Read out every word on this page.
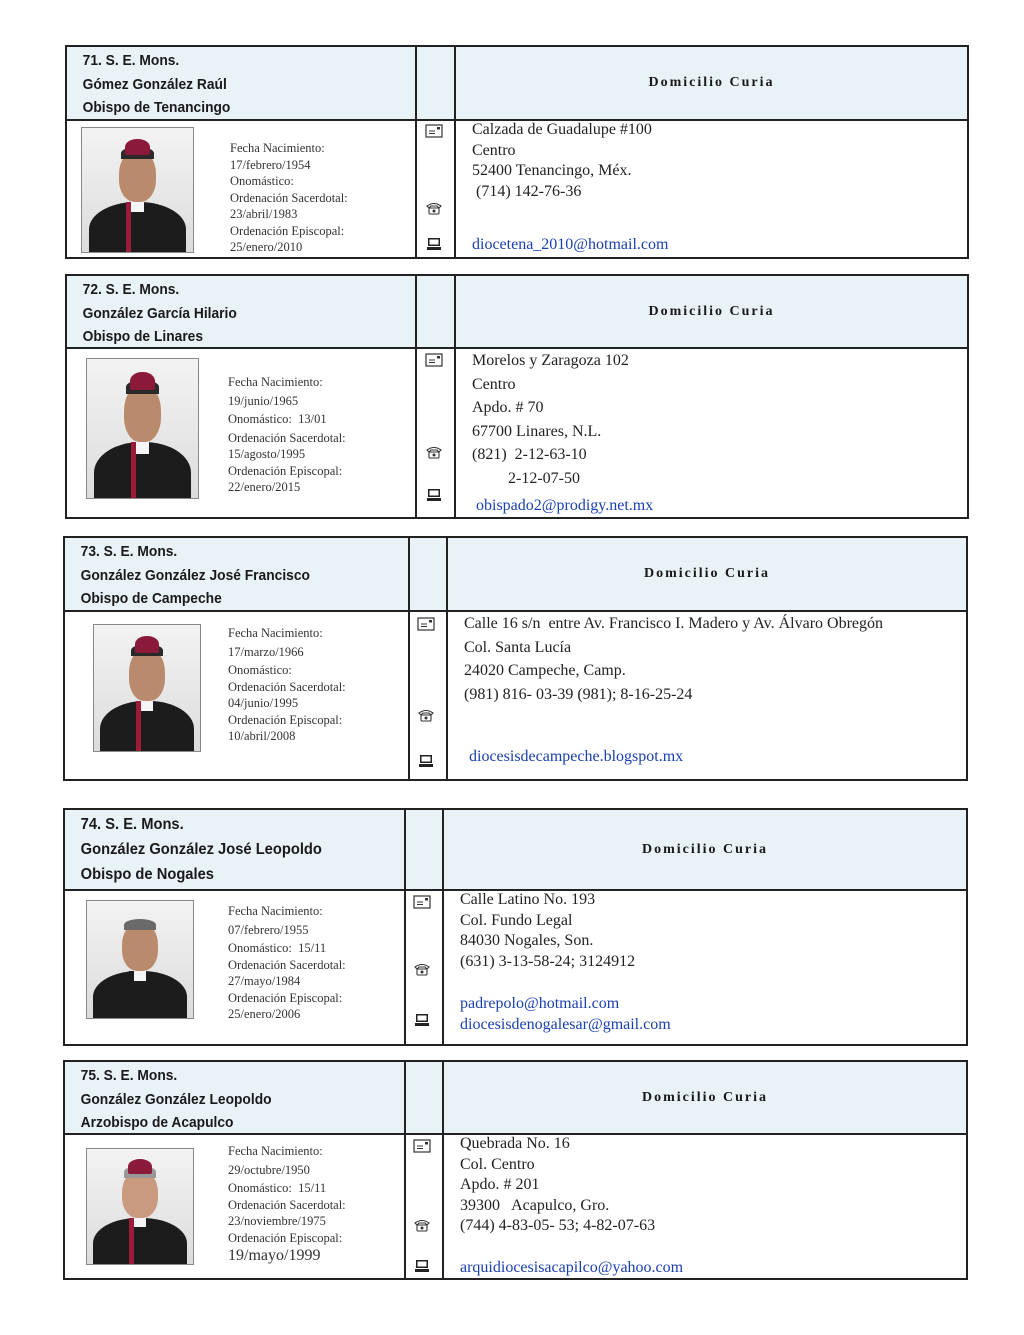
71. S. E. Mons.
Gómez González Raúl
Obispo de Tenancingo
Domicilio Curia
Fecha Nacimiento:
17/febrero/1954
Onomástico:
Ordenación Sacerdotal:
23/abril/1983
Ordenación Episcopal:
25/enero/2010
Calzada de Guadalupe #100
Centro
52400 Tenancingo, Méx.
(714) 142-76-36
diocetena_2010@hotmail.com
72. S. E. Mons.
González García Hilario
Obispo de Linares
Domicilio Curia
Fecha Nacimiento:
19/junio/1965
Onomástico:  13/01
Ordenación Sacerdotal:
15/agosto/1995
Ordenación Episcopal:
22/enero/2015
Morelos y Zaragoza 102
Centro
Apdo. # 70
67700 Linares, N.L.
(821)  2-12-63-10
2-12-07-50
obispado2@prodigy.net.mx
73. S. E. Mons.
González González José Francisco
Obispo de Campeche
Domicilio Curia
Fecha Nacimiento:
17/marzo/1966
Onomástico:
Ordenación Sacerdotal:
04/junio/1995
Ordenación Episcopal:
10/abril/2008
Calle 16 s/n  entre Av. Francisco I. Madero y Av. Álvaro Obregón
Col. Santa Lucía
24020 Campeche, Camp.
(981) 816- 03-39 (981); 8-16-25-24
diocesisdecampeche.blogspot.mx
74. S. E. Mons.
González González José Leopoldo
Obispo de Nogales
Domicilio Curia
Fecha Nacimiento:
07/febrero/1955
Onomástico:  15/11
Ordenación Sacerdotal:
27/mayo/1984
Ordenación Episcopal:
25/enero/2006
Calle Latino No. 193
Col. Fundo Legal
84030 Nogales, Son.
(631) 3-13-58-24; 3124912
padrepolo@hotmail.com
diocesisdenogalesar@gmail.com
75. S. E. Mons.
González González Leopoldo
Arzobispo de Acapulco
Domicilio Curia
Fecha Nacimiento:
29/octubre/1950
Onomástico:  15/11
Ordenación Sacerdotal:
23/noviembre/1975
Ordenación Episcopal:
19/mayo/1999
Quebrada No. 16
Col. Centro
Apdo. # 201
39300   Acapulco, Gro.
(744) 4-83-05- 53; 4-82-07-63
arquidiocesisacapilco@yahoo.com
